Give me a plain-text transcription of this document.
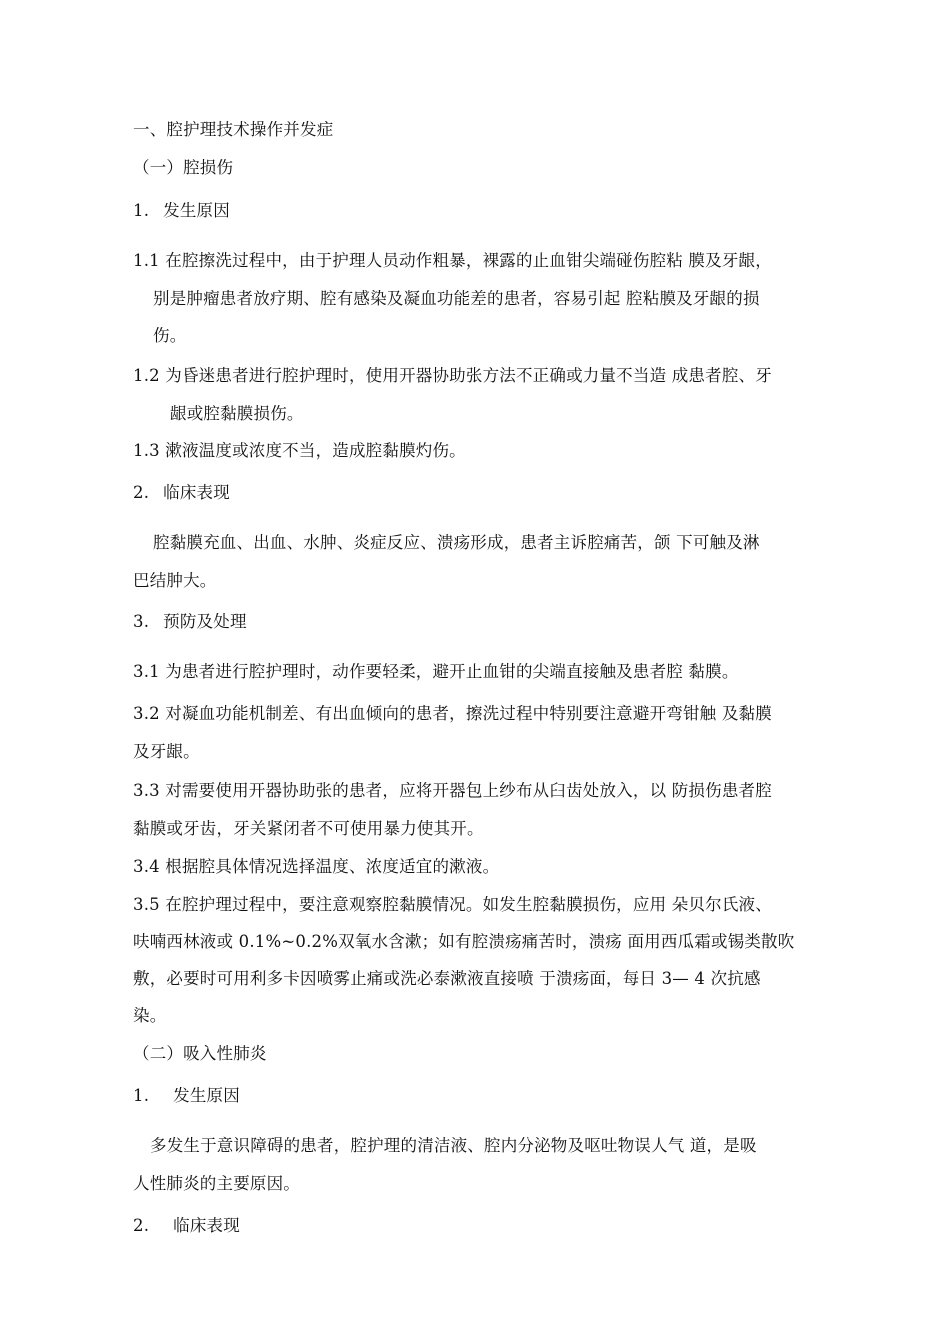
一、腔护理技术操作并发症
（一）腔损伤
1. 发生原因
1.1 在腔擦洗过程中，由于护理人员动作粗暴，裸露的止血钳尖端碰伤腔粘 膜及牙龈，
别是肿瘤患者放疗期、腔有感染及凝血功能差的患者，容易引起 腔粘膜及牙龈的损
伤。
1.2 为昏迷患者进行腔护理时，使用开器协助张方法不正确或力量不当造 成患者腔、牙
龈或腔黏膜损伤。
1.3 漱液温度或浓度不当，造成腔黏膜灼伤。
2. 临床表现
腔黏膜充血、出血、水肿、炎症反应、溃疡形成，患者主诉腔痛苦，颌 下可触及淋
巴结肿大。
3. 预防及处理
3.1 为患者进行腔护理时，动作要轻柔，避开止血钳的尖端直接触及患者腔 黏膜。
3.2 对凝血功能机制差、有出血倾向的患者，擦洗过程中特别要注意避开弯钳触 及黏膜
及牙龈。
3.3 对需要使用开器协助张的患者，应将开器包上纱布从臼齿处放入，以 防损伤患者腔
黏膜或牙齿，牙关紧闭者不可使用暴力使其开。
3.4 根据腔具体情况选择温度、浓度适宜的漱液。
3.5 在腔护理过程中，要注意观察腔黏膜情况。如发生腔黏膜损伤，应用 朵贝尔氏液、
呋喃西林液或 0.1%~0.2%双氧水含漱；如有腔溃疡痛苦时，溃疡 面用西瓜霜或锡类散吹
敷，必要时可用利多卡因喷雾止痛或洗必泰漱液直接喷 于溃疡面，每日 3— 4 次抗感
染。
（二）吸入性肺炎
1. 发生原因
多发生于意识障碍的患者，腔护理的清洁液、腔内分泌物及呕吐物误人气 道，是吸
人性肺炎的主要原因。
2. 临床表现
